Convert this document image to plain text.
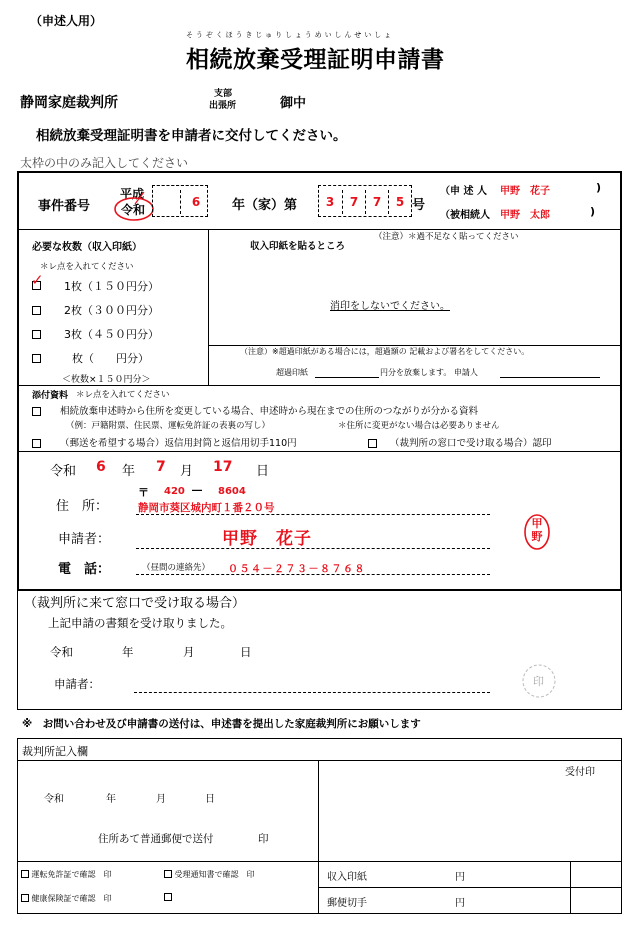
（申述人用）
そうぞくほうきじゅりしょうめいしんせいしょ
相続放棄受理証明申請書
静岡家庭裁判所
支部
出張所	御中
相続放棄受理証明書を申請者に交付してください。
太枠の中のみ記入してください
事件番号
平成
令和
6 年（家）第 3 7 7 5 号
（申 述 人 甲野　花子	)
（被相続人 甲野　太郎	)
必要な枚数（収入印紙）
＊レ点を入れてください
✓ 1枚（１５０円分）
2枚（３００円分）
3枚（４５０円分）
枚（　　円分）
＜枚数×１５０円分＞
収入印紙を貼るところ
（注意）＊過不足なく貼ってください
消印をしないでください。
（注意）※超過印紙がある場合には，超過額の 記載および署名をしてください。
超過印紙	円分を放棄します。 申請人
添付資料 ＊レ点を入れてください
相続放棄申述時から住所を変更している場合、申述時から現在までの住所のつながりが分かる資料
（例：戸籍附票、住民票、運転免許証の表裏の写し）	＊住所に変更がない場合は必要ありません
（郵送を希望する場合）返信用封筒と返信用切手110円	（裁判所の窓口で受け取る場合）認印
令和 6 年 7 月 17 日
住　所：
〒 420 ― 8604
静岡市葵区城内町１番２０号
申請者：	甲野　花子
甲野
電　話：	（昼間の連絡先） ０５４－２７３－８７６８
（裁判所に来て窓口で受け取る場合）
上記申請の書類を受け取りました。
令和	年	月	日
申請者：	印
※　お問い合わせ及び申請書の送付は、申述書を提出した家庭裁判所にお願いします
裁判所記入欄
受付印
令和	年	月	日
住所あて普通郵便で送付	印
運転免許証で確認　印	受理通知書で確認　印
健康保険証で確認　印
収入印紙	円
郵便切手	円
